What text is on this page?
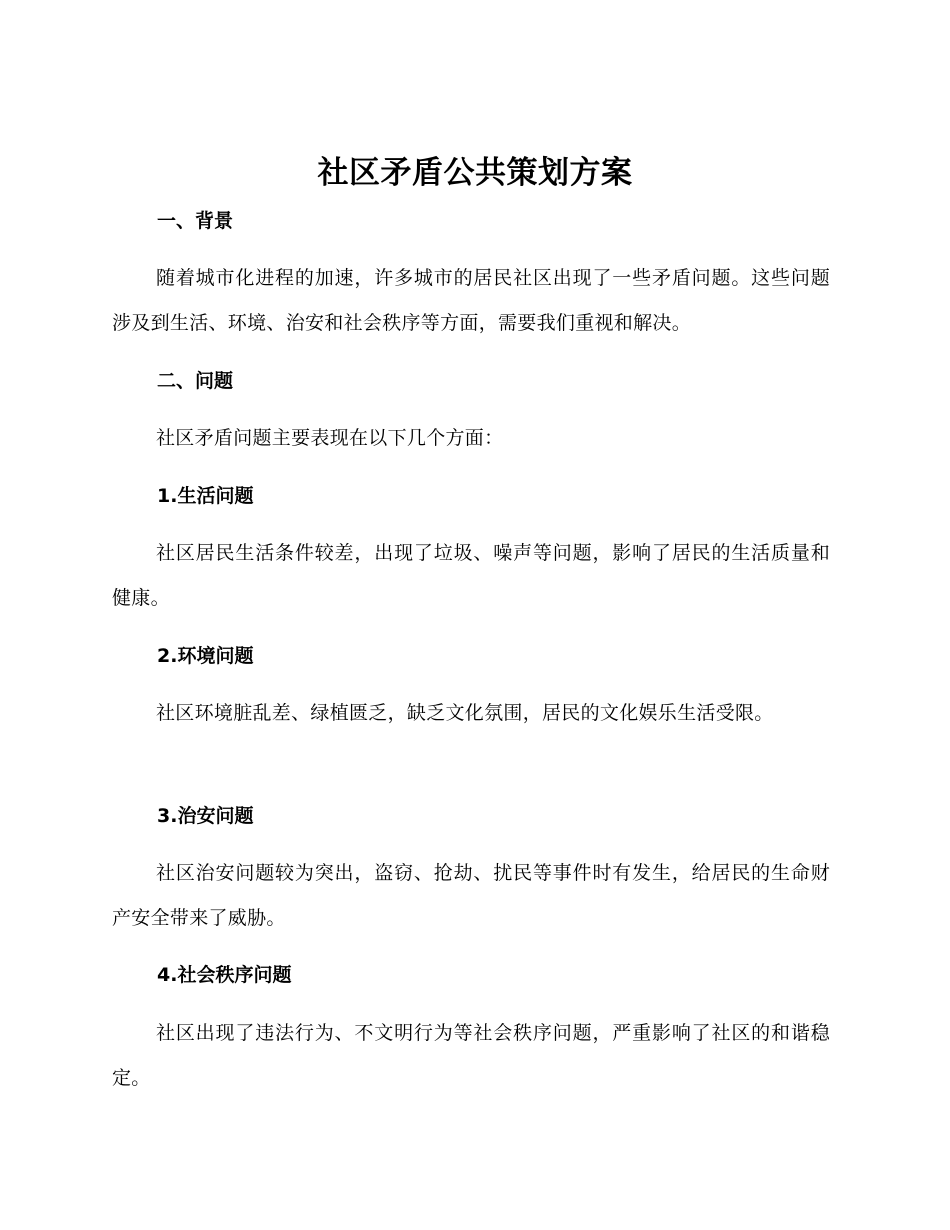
社区矛盾公共策划方案
一、背景
随着城市化进程的加速，许多城市的居民社区出现了一些矛盾问题。这些问题涉及到生活、环境、治安和社会秩序等方面，需要我们重视和解决。
二、问题
社区矛盾问题主要表现在以下几个方面：
1.生活问题
社区居民生活条件较差，出现了垃圾、噪声等问题，影响了居民的生活质量和健康。
2.环境问题
社区环境脏乱差、绿植匮乏，缺乏文化氛围，居民的文化娱乐生活受限。
3.治安问题
社区治安问题较为突出，盗窃、抢劫、扰民等事件时有发生，给居民的生命财产安全带来了威胁。
4.社会秩序问题
社区出现了违法行为、不文明行为等社会秩序问题，严重影响了社区的和谐稳定。
